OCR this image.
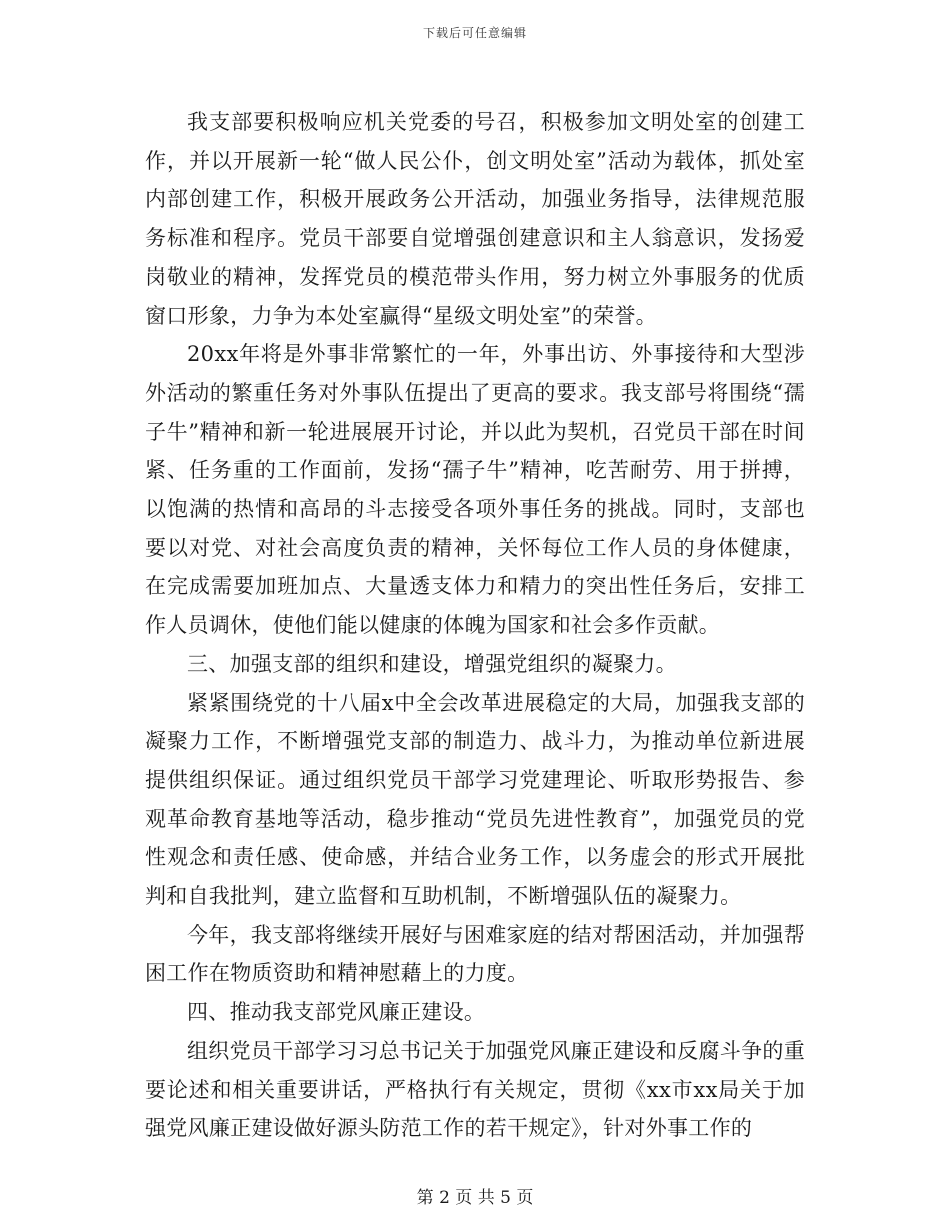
下载后可任意编辑

我支部要积极响应机关党委的号召，积极参加文明处室的创建工作，并以开展新一轮“做人民公仆，创文明处室”活动为载体，抓处室内部创建工作，积极开展政务公开活动，加强业务指导，法律规范服务标准和程序。党员干部要自觉增强创建意识和主人翁意识，发扬爱岗敬业的精神，发挥党员的模范带头作用，努力树立外事服务的优质窗口形象，力争为本处室赢得“星级文明处室”的荣誉。

20xx年将是外事非常繁忙的一年，外事出访、外事接待和大型涉外活动的繁重任务对外事队伍提出了更高的要求。我支部号将围绕“孺子牛”精神和新一轮进展展开讨论，并以此为契机，召党员干部在时间紧、任务重的工作面前，发扬“孺子牛”精神，吃苦耐劳、用于拼搏，以饱满的热情和高昂的斗志接受各项外事任务的挑战。同时，支部也要以对党、对社会高度负责的精神，关怀每位工作人员的身体健康，在完成需要加班加点、大量透支体力和精力的突出性任务后，安排工作人员调休，使他们能以健康的体魄为国家和社会多作贡献。

三、加强支部的组织和建设，增强党组织的凝聚力。

紧紧围绕党的十八届x中全会改革进展稳定的大局，加强我支部的凝聚力工作，不断增强党支部的制造力、战斗力，为推动单位新进展提供组织保证。通过组织党员干部学习党建理论、听取形势报告、参观革命教育基地等活动，稳步推动“党员先进性教育”，加强党员的党性观念和责任感、使命感，并结合业务工作，以务虚会的形式开展批判和自我批判，建立监督和互助机制，不断增强队伍的凝聚力。

今年，我支部将继续开展好与困难家庭的结对帮困活动，并加强帮困工作在物质资助和精神慰藉上的力度。

四、推动我支部党风廉正建设。

组织党员干部学习习总书记关于加强党风廉正建设和反腐斗争的重要论述和相关重要讲话，严格执行有关规定，贯彻《xx市xx局关于加强党风廉正建设做好源头防范工作的若干规定》，针对外事工作的

第 2 页 共 5 页
